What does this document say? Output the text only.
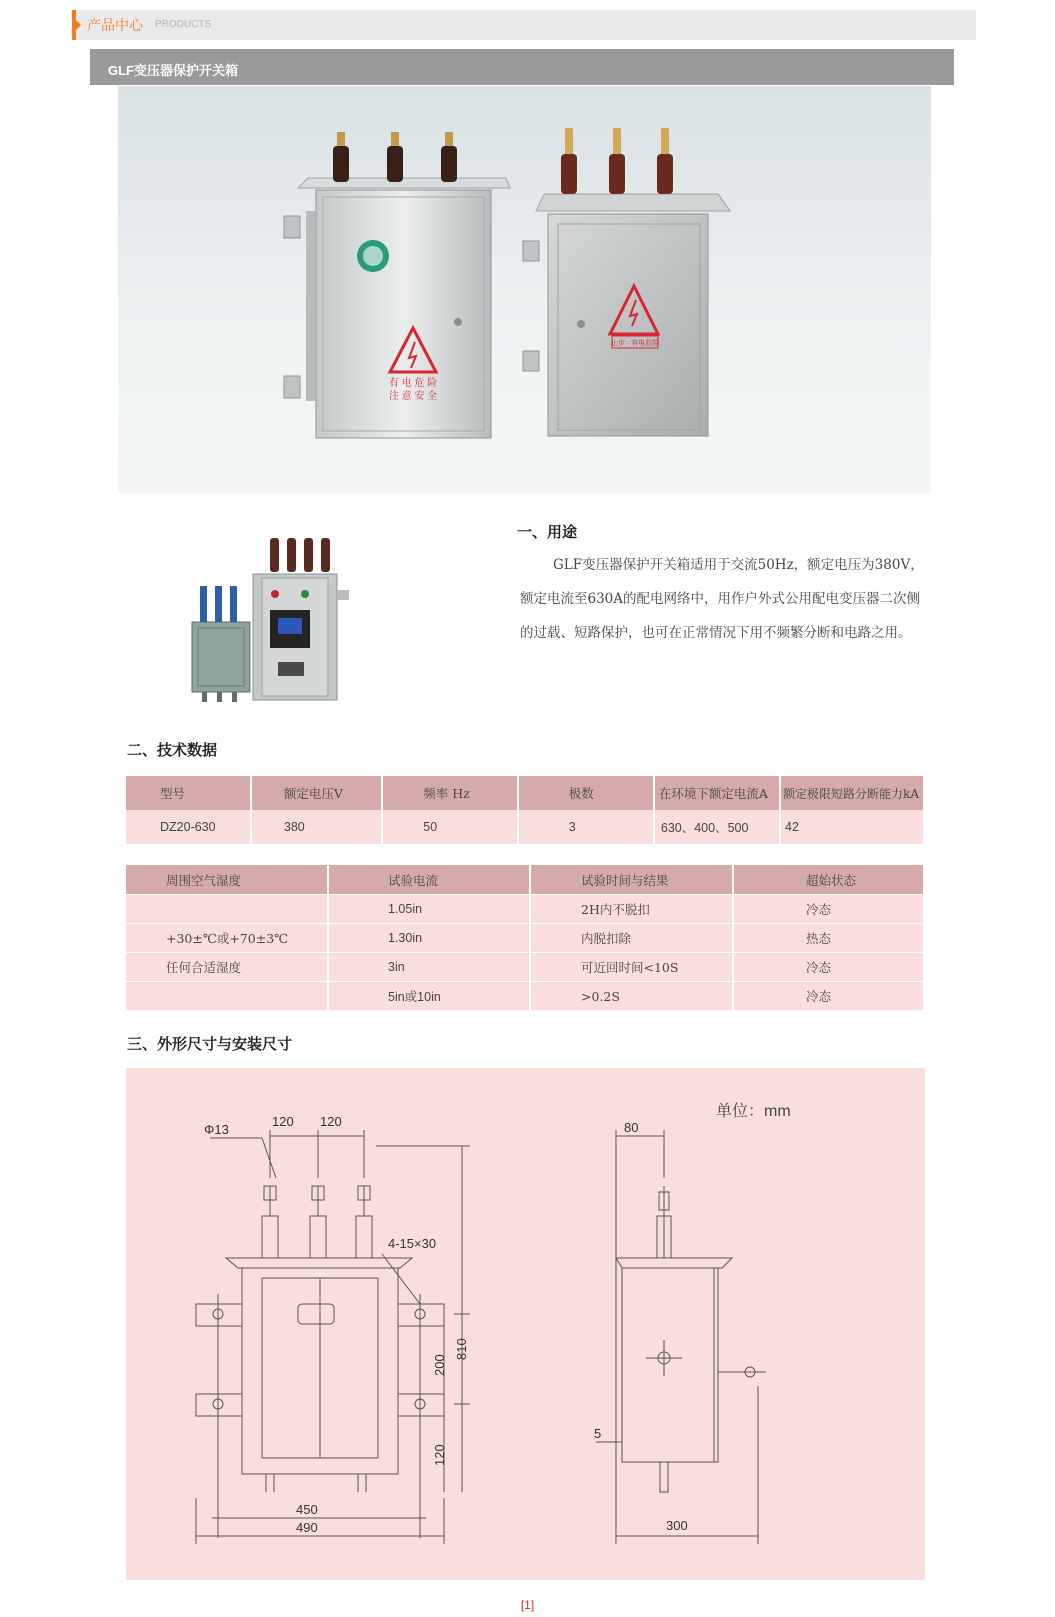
产品中心 PRODUCTS
GLF变压器保护开关箱
有 电 危 险
注 意 安 全
止步 · 有电危险
一、用途

GLF变压器保护开关箱适用于交流50Hz，额定电压为380V，额定电流至630A的配电网络中，用作户外式公用配电变压器二次侧的过载、短路保护，也可在正常情况下用不频繁分断和电路之用。

二、技术数据
型号	额定电压V	频率 Hz	极数	在环境下额定电流A	额定极限短路分断能力kA
DZ20-630	380	50	3	630、400、500	42
周围空气湿度	试验电流	试验时间与结果	超始状态
	1.05in	2H内不脱扣	冷态
+30±℃或+70±3℃	1.30in	内脱扣除	热态
任何合适湿度	3in	可近回时间<10S	冷态
	5in或10in	>0.2S	冷态
三、外形尺寸与安装尺寸
单位：mm
Φ13
120 120
4-15×30
200
810
120
450
490
80
5
300
[1]
